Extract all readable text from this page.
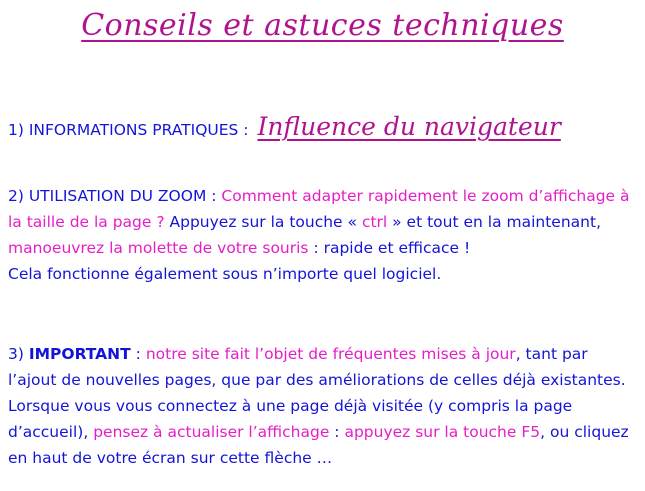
Conseils et astuces techniques
1) INFORMATIONS PRATIQUES : Influence du navigateur
2) UTILISATION DU ZOOM : Comment adapter rapidement le zoom d’affichage à la taille de la page ? Appuyez sur la touche « ctrl » et tout en la maintenant, manoeuvrez la molette de votre souris : rapide et efficace !
Cela fonctionne également sous n’importe quel logiciel.
3) IMPORTANT : notre site fait l’objet de fréquentes mises à jour, tant par l’ajout de nouvelles pages, que par des améliorations de celles déjà existantes. Lorsque vous vous connectez à une page déjà visitée (y compris la page d’accueil), pensez à actualiser l’affichage : appuyez sur la touche F5, ou cliquez en haut de votre écran sur cette flèche …
